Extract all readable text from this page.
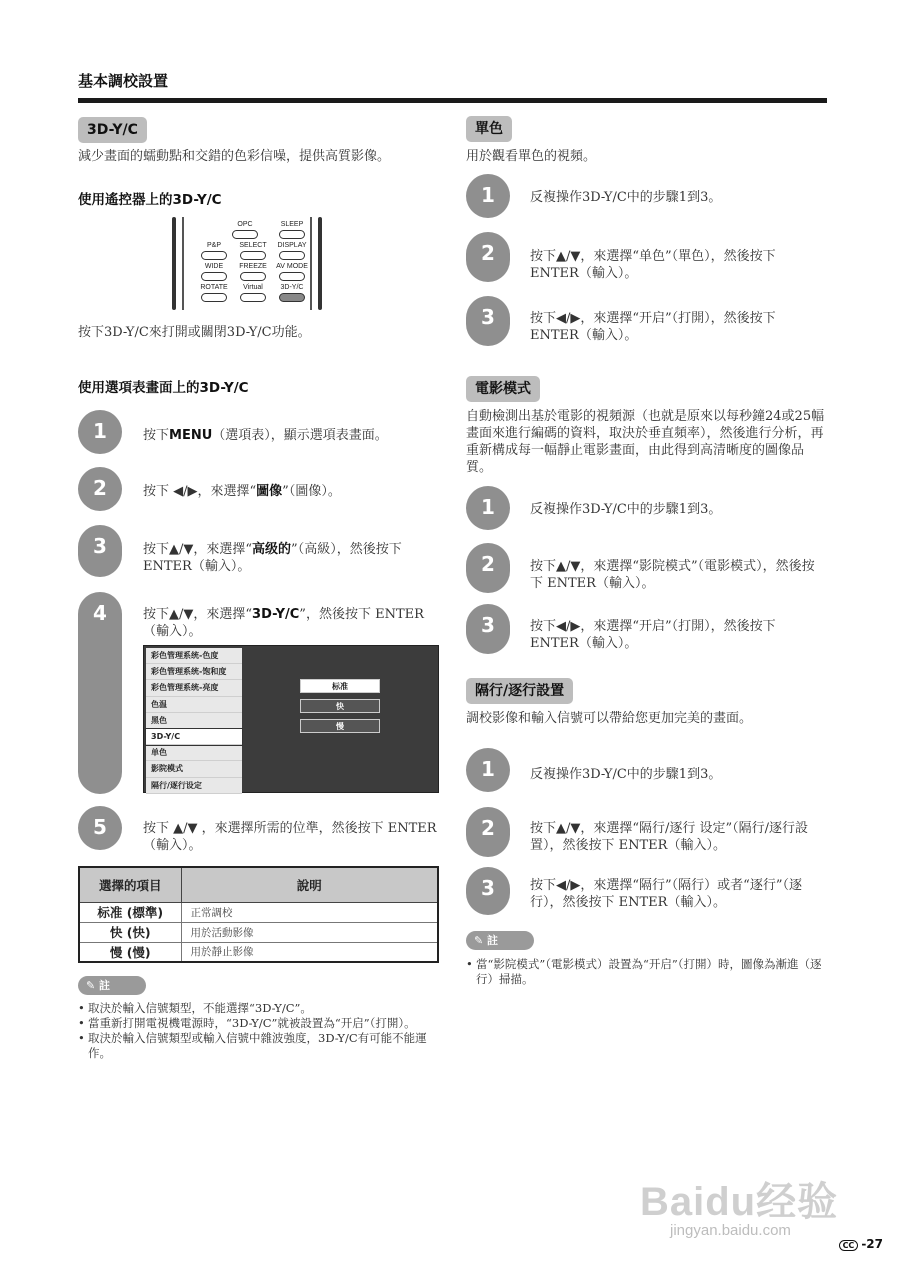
基本調校設置
3D-Y/C
減少畫面的蠕動點和交錯的色彩信噪，提供高質影像。
使用遙控器上的3D-Y/C
OPC	SLEEP
P&P	SELECT	DISPLAY
WIDE	FREEZE	AV MODE
ROTATE	Virtual	3D-Y/C
按下3D-Y/C來打開或關閉3D-Y/C功能。
使用選項表畫面上的3D-Y/C
1	按下MENU（選項表），顯示選項表畫面。
2	按下 ◀/▶，來選擇“圖像”（圖像）。
3	按下▲/▼，來選擇“高级的”（高級），然後按下 ENTER（輸入）。
4	按下▲/▼，來選擇“3D-Y/C”，然後按下 ENTER（輸入）。
彩色管理系统-色度
彩色管理系统-饱和度
彩色管理系统-亮度
色温
黑色
3D-Y/C
单色
影院模式
隔行/逐行设定
标准
快
慢
5	按下 ▲/▼ ，來選擇所需的位準，然後按下 ENTER（輸入）。
選擇的項目	說明
标准 (標準)	正常調校
快 (快)	用於活動影像
慢 (慢)	用於靜止影像
✎ 註
• 取決於輸入信號類型，不能選擇“3D-Y/C”。
• 當重新打開電視機電源時，“3D-Y/C”就被設置為“开启”（打開）。
• 取決於輸入信號類型或輸入信號中雜波強度，3D-Y/C有可能不能運作。
單色
用於觀看單色的視頻。
1	反複操作3D-Y/C中的步驟1到3。
2	按下▲/▼，來選擇“单色”（單色），然後按下 ENTER（輸入）。
3	按下◀/▶，來選擇“开启”（打開），然後按下 ENTER（輸入）。
電影模式
自動檢測出基於電影的視頻源（也就是原來以每秒鐘24或25幅畫面來進行編碼的資料，取決於垂直頻率），然後進行分析，再重新構成每一幅靜止電影畫面，由此得到高清晰度的圖像品質。
1	反複操作3D-Y/C中的步驟1到3。
2	按下▲/▼，來選擇“影院模式”（電影模式），然後按下 ENTER（輸入）。
3	按下◀/▶，來選擇“开启”（打開），然後按下 ENTER（輸入）。
隔行/逐行設置
調校影像和輸入信號可以帶給您更加完美的畫面。
1	反複操作3D-Y/C中的步驟1到3。
2	按下▲/▼，來選擇“隔行/逐行 设定”（隔行/逐行設置），然後按下 ENTER（輸入）。
3	按下◀/▶，來選擇“隔行”（隔行）或者“逐行”（逐行），然後按下 ENTER（輸入）。
✎ 註
• 當“影院模式”（電影模式）設置為“开启”（打開）時，圖像為漸進（逐行）掃描。
Baidu经验
jingyan.baidu.com
CC -27
